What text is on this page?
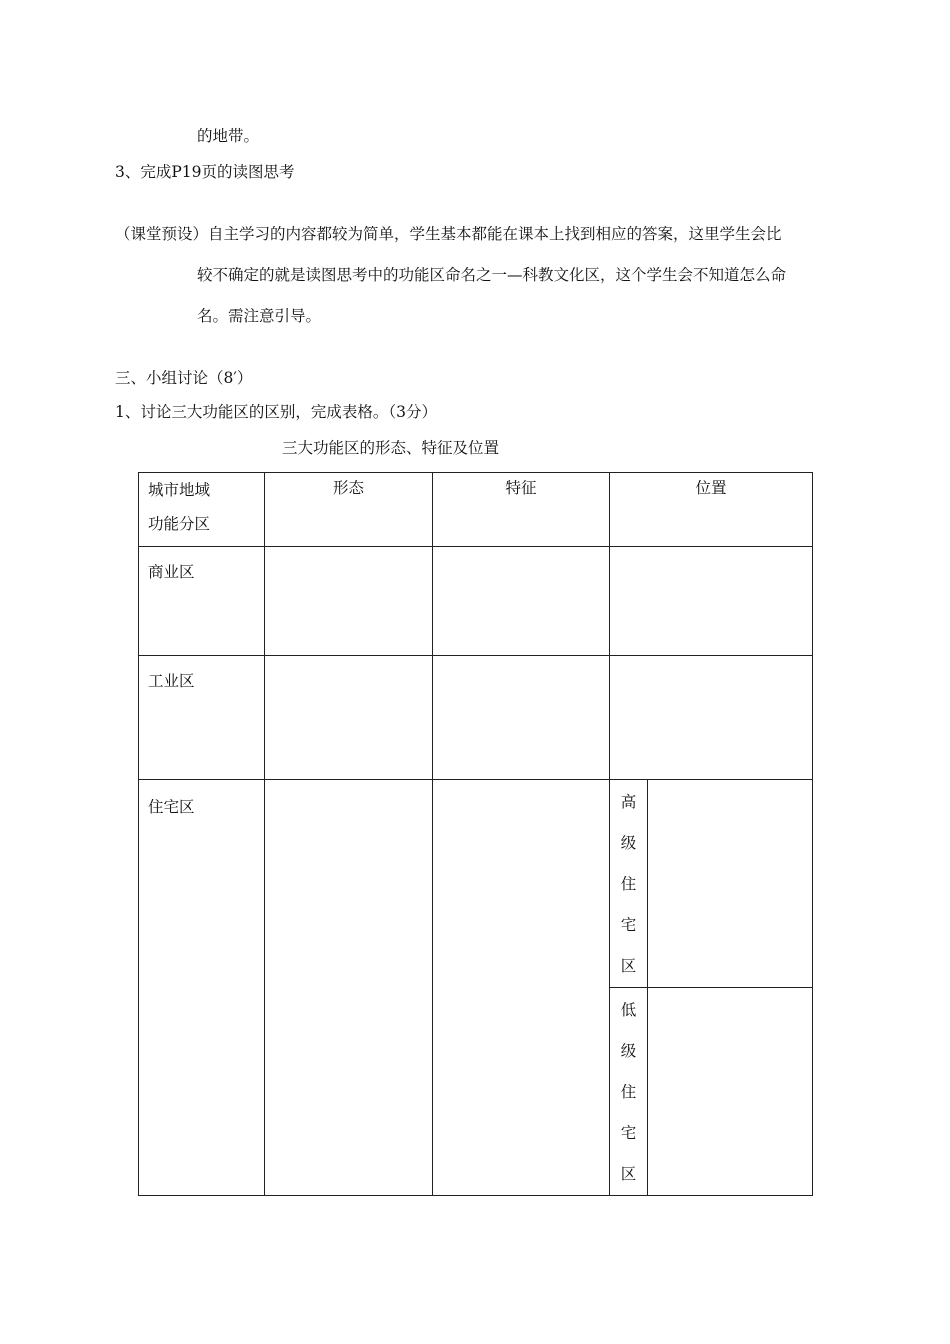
的地带。
3、完成P19页的读图思考
（课堂预设）自主学习的内容都较为简单，学生基本都能在课本上找到相应的答案，这里学生会比
较不确定的就是读图思考中的功能区命名之一—科教文化区，这个学生会不知道怎么命
名。需注意引导。
三、小组讨论（8′）
1、讨论三大功能区的区别，完成表格。（3分）
三大功能区的形态、特征及位置
城市地域
功能分区	形态	特征	位置	

商业区				

工业区				

住宅区			高
级
住
宅
区	

			低
级
住
宅
区	
